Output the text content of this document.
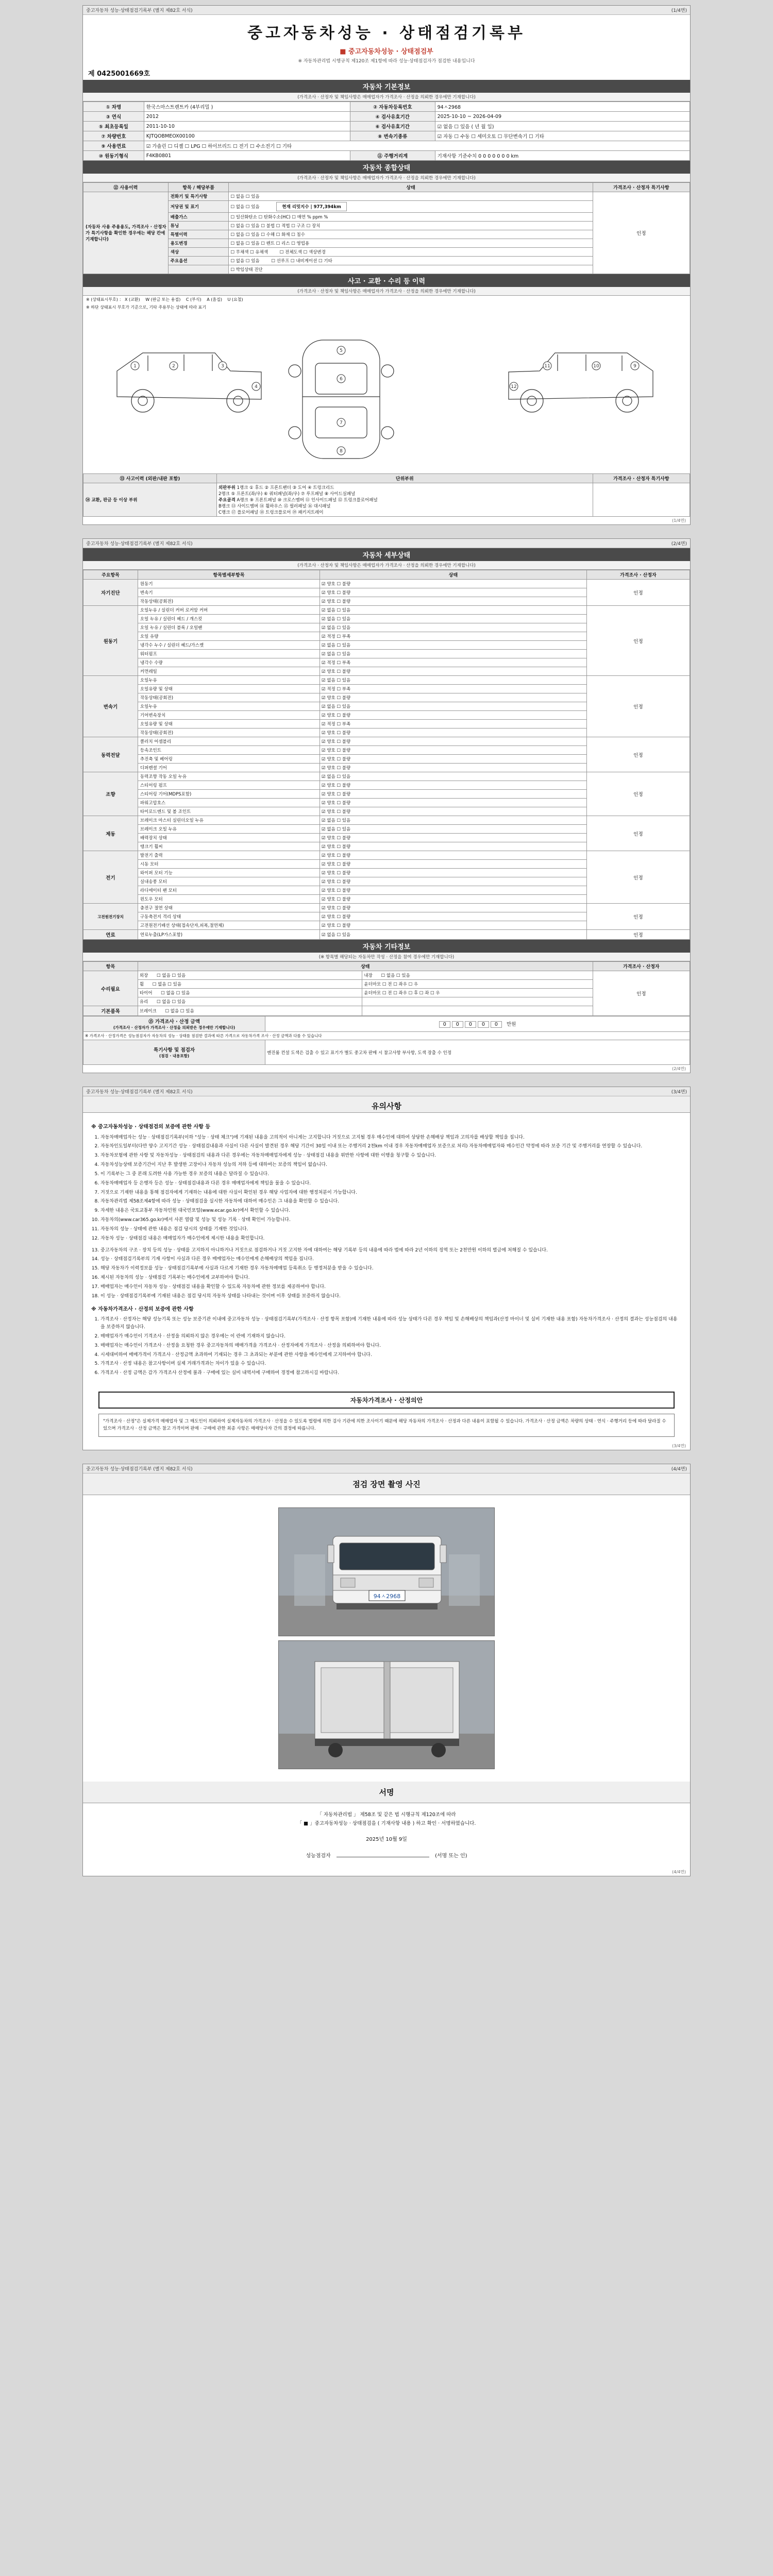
중고자동차 성능·상태점검기록부 (별지 제82호 서식)	(1/4면)
중고자동차성능 · 상태점검기록부
■ 중고자동차성능 · 상태점검부
※ 자동차관리법 시행규칙 제120조 제1항에 따라 성능·상태점검자가 점검한 내용입니다
제 0425001669호
자동차 기본정보
(가격조사 · 산정자 및 책임사항은 매매업자가 가격조사 · 산정을 의뢰한 경우에만 기재합니다)
① 차명	한국스마스트렌트카 (4부리밀 )	② 자동차등록번호	94ㅅ2968
③ 연식	2012	④ 검사유효기간	2025-10-10 ~ 2026-04-09
⑤ 최초등록일	2011-10-10	⑥ 검사유효기간	☑ 없음 ☐ 있음 ( 년 월 일)
⑦ 차량번호	KJTQOBMEOX00100	⑧ 변속기종류	☑ 자동 ☐ 수동 ☐ 세미오토 ☐ 무단변속기 ☐ 기타
⑨ 사용연료	☑ 가솔린 ☐ 디젤 ☐ LPG ☐ 하이브리드 ☐ 전기 ☐ 수소전기 ☐ 기타		
⑩ 원동기형식	F4KB0801	⑪ 주행거리계	기재사항 기준수치 0 0 0 0 0 0 0 km
자동차 종합상태
(가격조사 · 산정자 및 책임사항은 매매업자가 가격조사 · 산정을 의뢰한 경우에만 기재합니다)
⑫ 사용이력	항목 / 해당부품	상태	가격조사 · 산정자 특기사항
(자동차 사용 주용용도, 가격조사 · 산정자가 특기사항을 확인한 경우에는 해당 칸에 기재합니다)	전화기 및 특기사항	☐ 없음 ☐ 있음	인정
	저당권 및 표기	☐ 없음 ☐ 있음 현재 리밋지수 | 977,394km	
	배출가스	☐ 일산화탄소 ☐ 탄화수소(HC) ☐ 매연 % ppm %	
	튜닝	☐ 없음 ☐ 있음 ☐ 불법 ☐ 적법 ☐ 구조 ☐ 장치	
	특별이력	☐ 없음 ☐ 있음 ☐ 수해 ☐ 화재 ☐ 침수	
	용도변경	☐ 없음 ☐ 있음 ☐ 렌트 ☐ 리스 ☐ 영업용	
	색상	☐ 무채색 ☐ 유채색 ☐ 전체도색 ☐ 색상변경	
	주요옵션	☐ 없음 ☐ 있음 ☐ 선루프 ☐ 내비게이션 ☐ 기타	
		☐ 박임상태 진단	
사고 · 교환 · 수리 등 이력
(가격조사 · 산정자 및 책임사항은 매매업자가 가격조사 · 산정을 의뢰한 경우에만 기재합니다)
※ (상태표시부호) ： X (교환) 　W (판금 또는 용접) 　C (부식) 　A (흠집) 　U (요철)
※ 하단 상태표시 부호가 기준으로, 기타 주용부는 상태에 따라 표기
1	2	3
4
5
6
7
8
9
10
11
12
⑬ 사고이력 (외판/내판 포함)	단위부위	가격조사 · 산정자 특기사항
⑭ 교환, 판금 등 이상 부위	외판부위 1랭크 ① 후드 ② 프론트팬더 ③ 도어 ④ 트렁크리드
2랭크 ⑤ 프론트(좌/우) ⑥ 쿼터패널(좌/우) ⑦ 루프패널 ⑧ 사이드실패널
주요골격 A랭크 ⑨ 프론트패널 ⑩ 크로스멤버 ⑪ 인사이드패널 ⑫ 트렁크플로어패널
B랭크 ⑬ 사이드멤버 ⑭ 휠하우스 ⑮ 필러패널 ⑯ 대시패널
C랭크 ⑰ 플로어패널 ⑱ 트렁크플로어 ⑲ 패키지트레이	

(1/4면)
중고자동차 성능·상태점검기록부 (별지 제82호 서식)	(2/4면)
자동차 세부상태
(가격조사 · 산정자 및 책임사항은 매매업자가 가격조사 · 산정을 의뢰한 경우에만 기재합니다)
주요항목	항목별세부항목	상태	가격조사 · 산정자
자기진단	원동기	☑ 양호 ☐ 불량	인정
	변속기	☑ 양호 ☐ 불량	
	작동상태(공회전)	☑ 양호 ☐ 불량	
원동기	오일누유 / 실린더 커버 로커암 커버	☑ 없음 ☐ 있음	인정
	오일 누유 / 실린더 헤드 / 개스킷	☑ 없음 ☐ 있음	
	오일 누유 / 실린더 블록 / 오일팬	☑ 없음 ☐ 있음	
	오일 유량	☑ 적정 ☐ 부족	
	냉각수 누수 / 실린더 헤드/가스켓	☑ 없음 ☐ 있음	
	워터펌프	☑ 없음 ☐ 있음	
	냉각수 수량	☑ 적정 ☐ 부족	
	커먼레일	☑ 양호 ☐ 불량	
변속기	오일누유	☑ 없음 ☐ 있음	인정
	오일유량 및 상태	☑ 적정 ☐ 부족	
	작동상태(공회전)	☑ 양호 ☐ 불량	
	오일누유	☑ 없음 ☐ 있음	
	기어변속장치	☑ 양호 ☐ 불량	
	오일유량 및 상태	☑ 적정 ☐ 부족	
	작동상태(공회전)	☑ 양호 ☐ 불량	
동력전달	클러치 어셈블리	☑ 양호 ☐ 불량	인정
	등속조인트	☑ 양호 ☐ 불량	
	추진축 및 베어링	☑ 양호 ☐ 불량	
	디퍼렌셜 기어	☑ 양호 ☐ 불량	
조향	동력조향 작동 오일 누유	☑ 없음 ☐ 있음	인정
	스티어링 펌프	☑ 양호 ☐ 불량	
	스티어링 기어(MDPS포함)	☑ 양호 ☐ 불량	
	파워고압호스	☑ 양호 ☐ 불량	
	타이로드엔드 및 볼 조인트	☑ 양호 ☐ 불량	
제동	브레이크 마스터 실린더오일 누유	☑ 없음 ☐ 있음	인정
	브레이크 오일 누유	☑ 없음 ☐ 있음	
	배력장치 상태	☑ 양호 ☐ 불량	
	탱크기 휠씨	☑ 양호 ☐ 불량	
전기	발전기 출력	☑ 양호 ☐ 불량	인정
	시동 모터	☑ 양호 ☐ 불량	
	와이퍼 모터 기능	☑ 양호 ☐ 불량	
	실내송풍 모터	☑ 양호 ☐ 불량	
	라디에이터 팬 모터	☑ 양호 ☐ 불량	
	윈도우 모터	☑ 양호 ☐ 불량	
고전원전기장치	충전구 절연 상태	☑ 양호 ☐ 불량	인정
	구동축전지 격리 상태	☑ 양호 ☐ 불량	
	고전원전기배선 상태(접속단자,피복,절연체)	☑ 양호 ☐ 불량	
연료	연료누출(LP가스포함)	☑ 없음 ☐ 있음	인정
자동차 기타정보
(※ 항목별 해당되는 자동차만 작성 · 산정을 참여 경우에만 기재합니다)
항목	상태		가격조사 · 산정자
수리필요	외장 ☐ 없음 ☐ 있음	내장 ☐ 없음 ☐ 있음	인정
	휠 ☐ 없음 ☐ 있음	윤더마모 ☐ 전 ☐ 좌우 ☐ 우	
	타이어 ☐ 없음 ☐ 있음	윤더마모 ☐ 전 ☐ 좌우 ☐ 후 ☐ 좌 ☐ 우	
	유리 ☐ 없음 ☐ 있음		
기본품목	브레이크 ☐ 없음 ☐ 있음		
⑮ 가격조사 · 산정 금액
(가격조사 · 산정자가 가격조사 · 산정을 의뢰받은 경우에만 기재합니다)	0 0 0 0 0 만원
※ 가격조사 · 산정가격은 성능점검자가 자동차의 성능 · 상태를 점검한 결과에 따른 가격으로 자동차가격 조사 · 산정 금액과 다를 수 있습니다	
특기사항 및 점검자
(점검 · 내용포함)	엔진룸 컨설 도색은 검출 수 있고 표기가 별도 중고차 판매 시 참고사항 부사항, 도색 장출 수 인정
(2/4면)
중고자동차 성능·상태점검기록부 (별지 제82호 서식)	(3/4면)
유의사항
※ 중고자동차성능 · 상태점검의 보증에 관한 사항 등
1. 자동차매매업자는 성능 · 상태점검기록부(이하 "성능 · 상태 체크")에 기재된 내용을 고의적이 아니게는 고지합니다 거짓으로 고지될 경우 매수인에 대하여 상당한 손해배상 책임과 고의자를 배상할 책임을 집니다.
2. 자동차인도일부터(다만 양수 고지기간 성능 · 상태점검내용과 사실이 다른 사실이 발견된 경우 해당 기간이 30일 이내 또는 주행거리 2천km 이내 경우 자동차매매업자 보증으로 처리) 자동차매매업자와 매수인간 약정에 따라 보증 기간 및 주행거리를 연장할 수 있습니다.
3. 자동차보험에 관한 사항 및 자동차성능 · 상태점검의 내용과 다른 경우에는 자동차매매업자에게 성능 · 상태점검 내용을 위반한 사항에 대한 이행을 청구할 수 있습니다.
4. 자동차성능상태 보증기간이 지난 후 발생한 고장이나 자동차 성능의 저하 등에 대하여는 보증의 책임이 없습니다.
5. 이 기록부는 그 중 본래 도려한 사용 가능한 경우 보증의 내용은 달라질 수 있습니다.
6. 자동차매매업자 등 은행자 등은 성능 · 상태점검내용과 다른 경우 매매업자에게 책임을 물을 수 있습니다.
7. 거짓으로 기재한 내용을 통해 점검자에게 기재하는 내용에 대한 사실이 확인된 경우 해당 사업자에 대한 행정처분이 가능합니다.
8. 자동차관리법 제58조제4항에 따라 성능 · 상태점검을 실시한 자동차에 대하여 매수인은 그 내용을 확인할 수 있습니다.
9. 자세한 내용은 국토교통부 자동차민원 대국민포털(www.ecar.go.kr)에서 확인할 수 있습니다.
10. 자동차의(www.car365.go.kr)에서 사본 열람 및 성능 및 성능 기록 · 상태 확인이 가능합니다.
11. 자동차의 성능 · 상태에 관한 내용은 점검 당시의 상태를 기재한 것입니다.
12. 자동차 성능 · 상태점검 내용은 매매업자가 매수인에게 제시한 내용을 확인합니다.
13. 중고자동차의 구조 · 장치 등의 성능 · 상태를 고지하지 아니하거나 거짓으로 점검하거나 거짓 고지한 자에 대하여는 해당 기록부 등의 내용에 따라 법에 따라 2년 이하의 징역 또는 2천만원 이하의 벌금에 처해질 수 있습니다.
14. 성능 · 상태점검기록부의 기재 사항이 사실과 다른 경우 매매업자는 매수인에게 손해배상의 책임을 집니다.
15. 해당 자동차가 이력정보를 성능 · 상태점검기록부에 사실과 다르게 기재한 경우 자동차매매업 등록취소 등 행정처분을 받을 수 있습니다.
16. 제시된 자동차의 성능 · 상태점검 기록부는 매수인에게 교부하여야 합니다.
17. 매매업자는 매수인이 자동차 성능 · 상태점검 내용을 확인할 수 있도록 자동차에 관한 정보를 제공하여야 합니다.
18. 이 성능 · 상태점검기록부에 기재된 내용은 점검 당시의 자동차 상태를 나타내는 것이며 이후 상태를 보증하지 않습니다.
※ 자동차가격조사 · 산정의 보증에 관한 사항
1. 가격조사 · 산정자는 해당 성능기록 또는 성능 보증기관 이내에 중고자동차 성능 · 상태점검기록부(가격조사 · 산정 항목 포함)에 기재한 내용에 따라 성능 상태가 다른 경우 책임 및 손해배상의 책임과(산정 마이너 및 실비 기재한 내용 포함) 자동차가격조사 · 산정의 결과는 성능점검의 내용을 보증하지 않습니다.
2. 매매업자가 매수인이 기격조사 · 산정을 의뢰하지 않은 경우에는 이 란에 기재하지 않습니다.
3. 매매업자는 매수인이 가격조사 · 산정을 요청한 경우 중고자동차의 매매가격을 가격조사 · 산정자에게 가격조사 · 산정을 의뢰하여야 합니다.
4. 시세대비하여 매매가격이 가격조사 · 산정금액 초과하여 기재되는 경우 그 초과되는 부분에 관한 사항을 매수인에게 고지하여야 합니다.
5. 가격조사 · 산정 내용은 참고사항이며 실제 거래가격과는 차이가 있을 수 있습니다.
6. 가격조사 · 산정 금액은 감가 가격조사 산정에 불과 · 구매에 있는 실비 내역서에 구매하여 경정에 참고하시길 바랍니다.
자동차가격조사 · 산정의안
"가격조사 · 산정"은 실제가격 매매업자 및 그 매도인이 의뢰하여 실제자동차의 가격조사 · 산정을 수 있도록 법령에 의한 검사 기관에 의한 조사이기 때문에 해당 자동차의 가격조사 · 산정과 다른 내용이 포함될 수 있습니다. 가격조사 · 산정 금액은 차량의 상태 · 연식 · 주행거리 등에 따라 달라질 수 있으며 가격조사 · 산정 금액은 참고 가격이며 판매 · 구매에 관한 최종 사항은 매매당사자 간의 결정에 따릅니다.
(3/4면)
중고자동차 성능·상태점검기록부 (별지 제82호 서식)	(4/4면)
점검 장면 촬영 사진
94ㅅ2968
서명
「 자동차관리법 」 제58조 및 같은 법 시행규칙 제120조에 따라
「 ■ 」중고자동차성능 · 상태점검을 ( 기재사항 내용 ) 하고 확인 · 서명하였습니다.
2025년 10월 9일
성능점검자	(서명 또는 인)
(4/4면)
